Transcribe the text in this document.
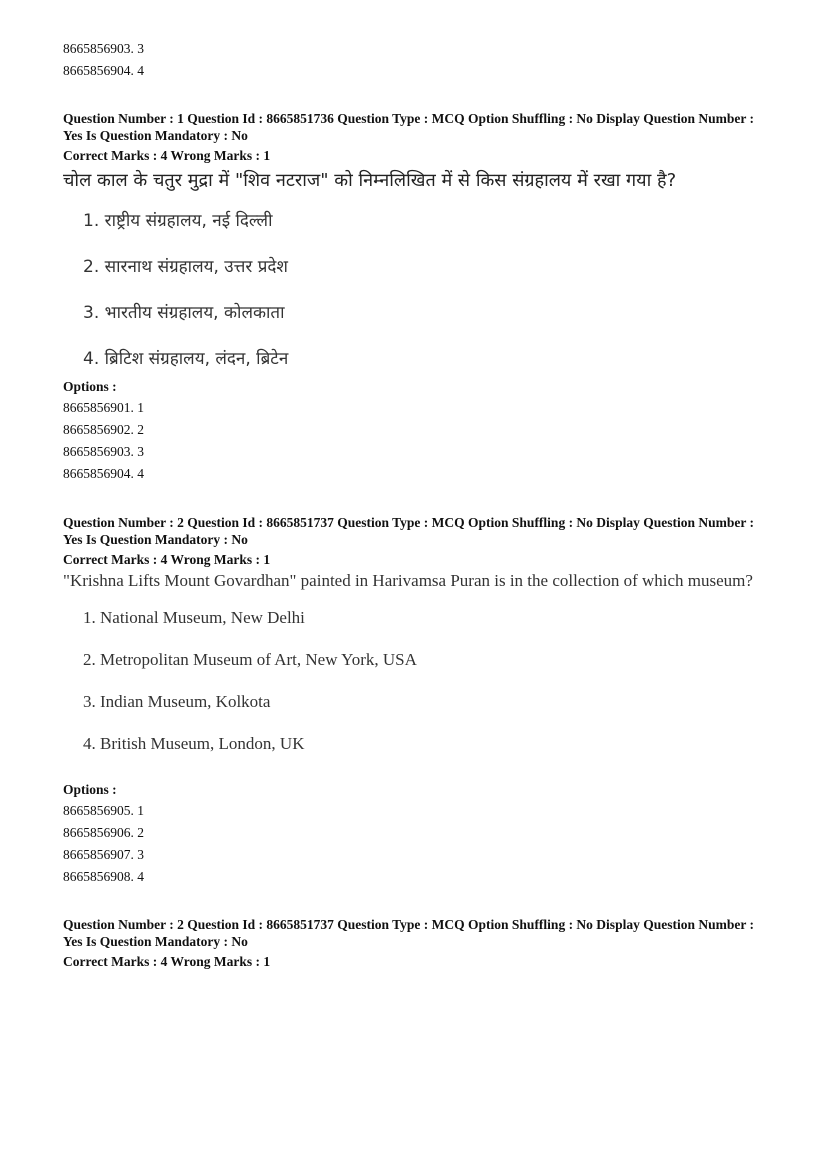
8665856903. 3
8665856904. 4
Question Number : 1 Question Id : 8665851736 Question Type : MCQ Option Shuffling : No Display Question Number : Yes Is Question Mandatory : No
Correct Marks : 4 Wrong Marks : 1
चोल काल के चतुर मुद्रा में "शिव नटराज" को निम्नलिखित में से किस संग्रहालय में रखा गया है?
1. राष्ट्रीय संग्रहालय, नई दिल्ली
2. सारनाथ संग्रहालय, उत्तर प्रदेश
3. भारतीय संग्रहालय, कोलकाता
4. ब्रिटिश संग्रहालय, लंदन, ब्रिटेन
Options :
8665856901. 1
8665856902. 2
8665856903. 3
8665856904. 4
Question Number : 2 Question Id : 8665851737 Question Type : MCQ Option Shuffling : No Display Question Number : Yes Is Question Mandatory : No
Correct Marks : 4 Wrong Marks : 1
"Krishna Lifts Mount Govardhan" painted in Harivamsa Puran is in the collection of which museum?
1. National Museum, New Delhi
2. Metropolitan Museum of Art, New York, USA
3. Indian Museum, Kolkota
4. British Museum, London, UK
Options :
8665856905. 1
8665856906. 2
8665856907. 3
8665856908. 4
Question Number : 2 Question Id : 8665851737 Question Type : MCQ Option Shuffling : No Display Question Number : Yes Is Question Mandatory : No
Correct Marks : 4 Wrong Marks : 1
